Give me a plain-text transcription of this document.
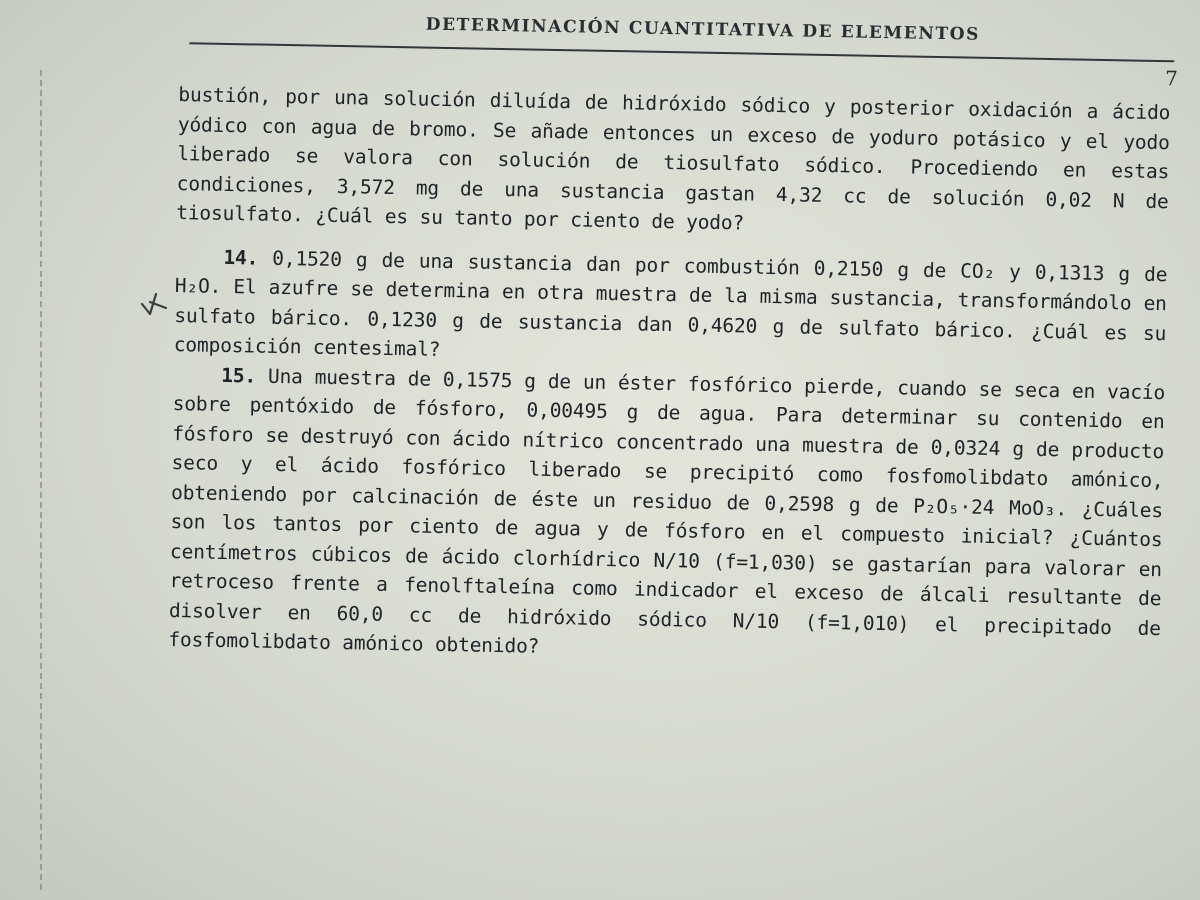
DETERMINACIÓN CUANTITATIVA DE ELEMENTOS
7

bustión, por una solución diluída de hidróxido sódico y posterior oxidación a ácido yódico con agua de bromo. Se añade entonces un exceso de yoduro potásico y el yodo liberado se valora con solución de tiosulfato sódico. Procediendo en estas condiciones, 3,572 mg de una sustancia gastan 4,32 cc de solución 0,02 N de tiosulfato. ¿Cuál es su tanto por ciento de yodo?

14. 0,1520 g de una sustancia dan por combustión 0,2150 g de CO₂ y 0,1313 g de H₂O. El azufre se determina en otra muestra de la misma sustancia, transformándolo en sulfato bárico. 0,1230 g de sustancia dan 0,4620 g de sulfato bárico. ¿Cuál es su composición centesimal?

15. Una muestra de 0,1575 g de un éster fosfórico pierde, cuando se seca en vacío sobre pentóxido de fósforo, 0,00495 g de agua. Para determinar su contenido en fósforo se destruyó con ácido nítrico concentrado una muestra de 0,0324 g de producto seco y el ácido fosfórico liberado se precipitó como fosfomolibdato amónico, obteniendo por calcinación de éste un residuo de 0,2598 g de P₂O₅·24 MoO₃. ¿Cuáles son los tantos por ciento de agua y de fósforo en el compuesto inicial? ¿Cuántos centímetros cúbicos de ácido clorhídrico N/10 (f=1,030) se gastarían para valorar en retroceso frente a fenolftaleína como indicador el exceso de álcali resultante de disolver en 60,0 cc de hidróxido sódico N/10 (f=1,010) el precipitado de fosfomolibdato amónico obtenido?
